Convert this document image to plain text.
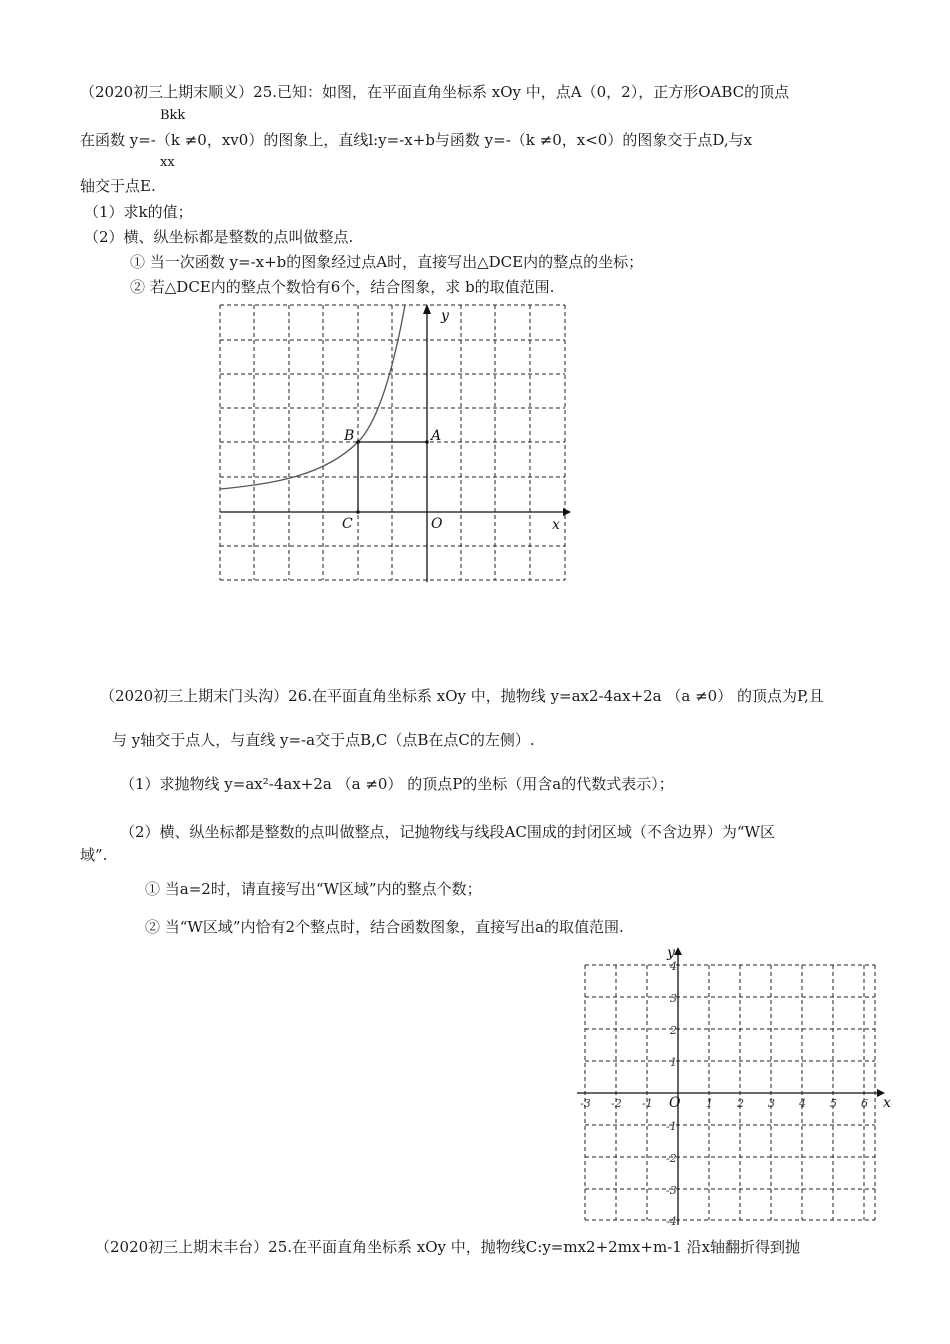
（2020初三上期末顺义）25.已知：如图，在平面直角坐标系 xOy 中，点A（0，2），正方形OABC的顶点
Bkk
在函数 y=-（k ≠0，xv0）的图象上，直线l:y=-x+b与函数 y=-（k ≠0，x<0）的图象交于点D,与x
xx
轴交于点E.
（1）求k的值；
（2）横、纵坐标都是整数的点叫做整点.
① 当一次函数 y=-x+b的图象经过点A时，直接写出△DCE内的整点的坐标；
② 若△DCE内的整点个数恰有6个，结合图象，求 b的取值范围.
y
x
A
B
C	O
（2020初三上期末门头沟）26.在平面直角坐标系 xOy 中，抛物线 y=ax2-4ax+2a （a ≠0） 的顶点为P,且
与 y轴交于点人，与直线 y=-a交于点B,C（点B在点C的左侧）.
（1）求抛物线 y=ax²-4ax+2a （a ≠0） 的顶点P的坐标（用含a的代数式表示）；
（2）横、纵坐标都是整数的点叫做整点，记抛物线与线段AC围成的封闭区域（不含边界）为“W区
域”.
① 当a=2时，请直接写出“W区域”内的整点个数；
② 当“W区域”内恰有2个整点时，结合函数图象，直接写出a的取值范围.
y
x
O
-3 -2 -1	1 2 3 4 5 6
4
3
2
1
-1
-2
-3
-4
（2020初三上期末丰台）25.在平面直角坐标系 xOy 中，抛物线C:y=mx2+2mx+m-1 沿x轴翻折得到抛
